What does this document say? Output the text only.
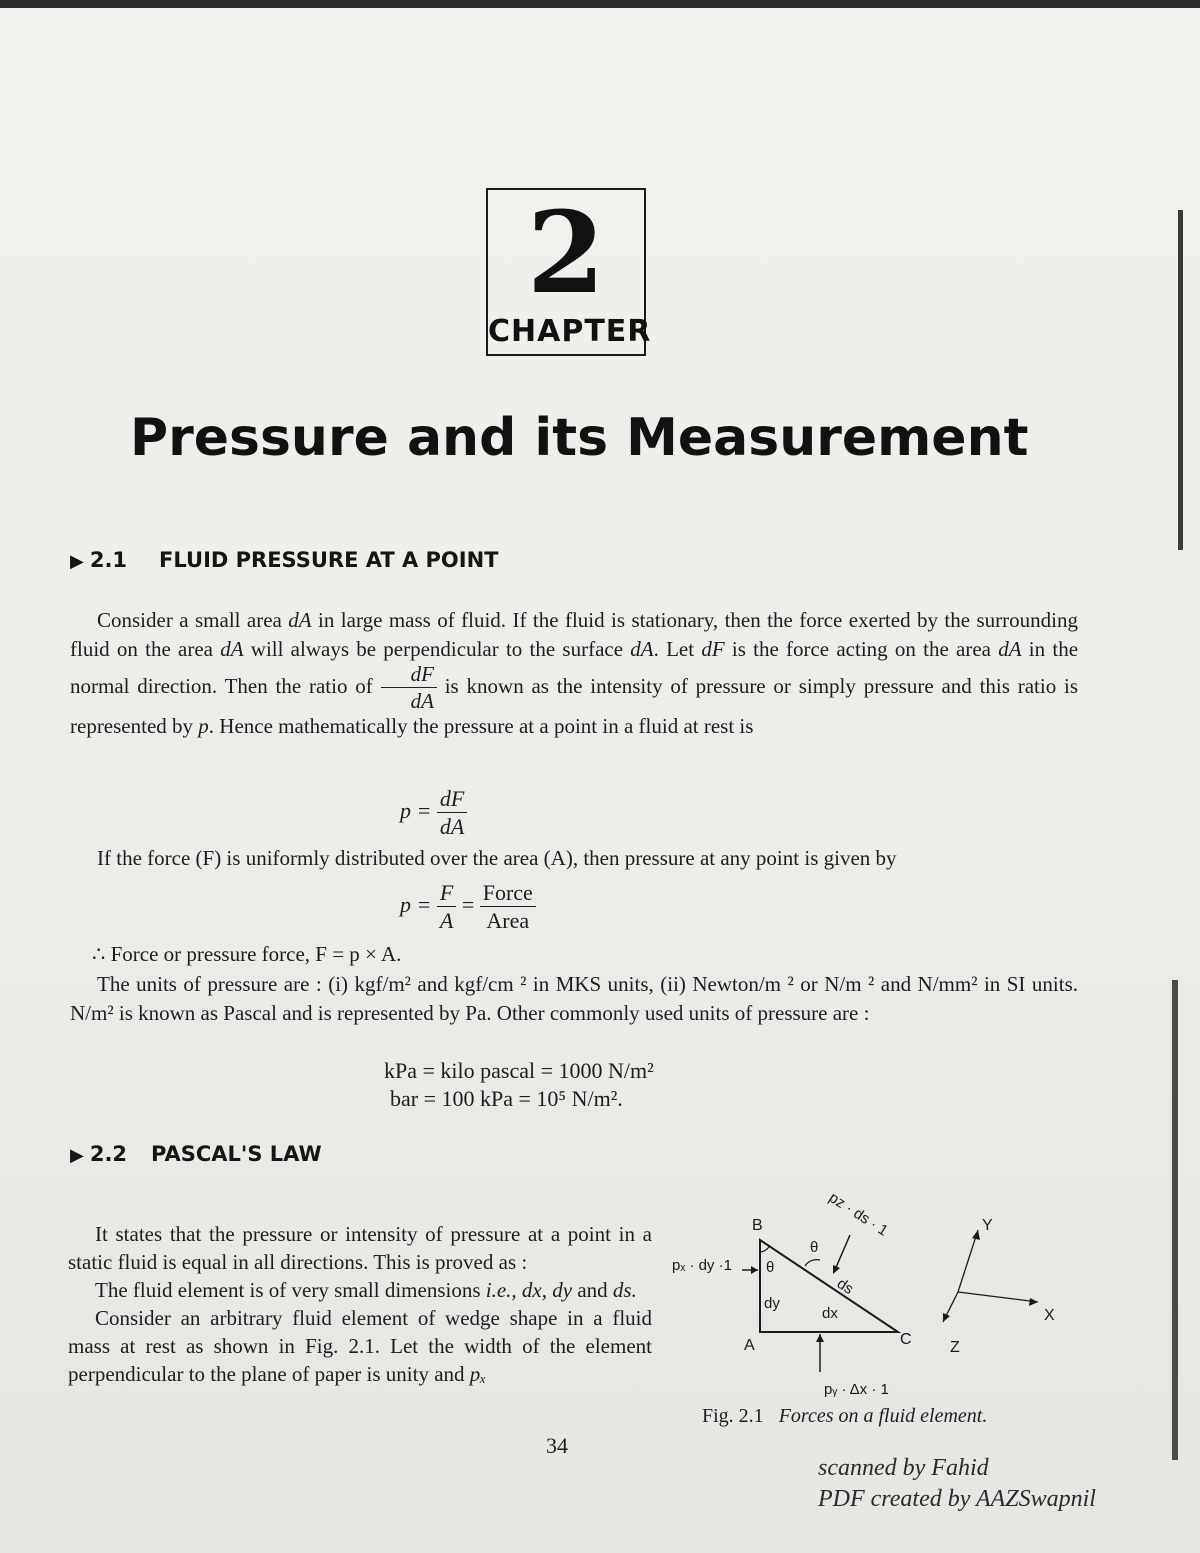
2
CHAPTER
Pressure and its Measurement
▶ 2.1 FLUID PRESSURE AT A POINT

Consider a small area dA in large mass of fluid. If the fluid is stationary, then the force exerted by the surrounding fluid on the area dA will always be perpendicular to the surface dA. Let dF is the force acting on the area dA in the normal direction. Then the ratio of $\frac{dF}{dA}$ is known as the intensity of pressure or simply pressure and this ratio is represented by p. Hence mathematically the pressure at a point in a fluid at rest is

$p = \frac{dF}{dA}$

If the force (F) is uniformly distributed over the area (A), then pressure at any point is given by

$p = \frac{F}{A} = \frac{\text{Force}}{\text{Area}}$

∴ Force or pressure force, F = p × A.

The units of pressure are : (i) kgf/m² and kgf/cm ² in MKS units, (ii) Newton/m ² or N/m ² and N/mm² in SI units. N/m² is known as Pascal and is represented by Pa. Other commonly used units of pressure are :

kPa = kilo pascal = 1000 N/m²
bar = 100 kPa = 10⁵ N/m².
▶ 2.2 PASCAL'S LAW

It states that the pressure or intensity of pressure at a point in a static fluid is equal in all directions. This is proved as :

The fluid element is of very small dimensions i.e., dx, dy and ds.

Consider an arbitrary fluid element of wedge shape in a fluid mass at rest as shown in Fig. 2.1. Let the width of the element perpendicular to the plane of paper is unity and pₓ

B
A	C
X
Y
Z
θ
θ
ds
dy
dx
pₓ · dy ·1
pᵧ · Δx · 1
pz · ds · 1
Fig. 2.1 Forces on a fluid element.
34
scanned by Fahid
PDF created by AAZSwapnil
